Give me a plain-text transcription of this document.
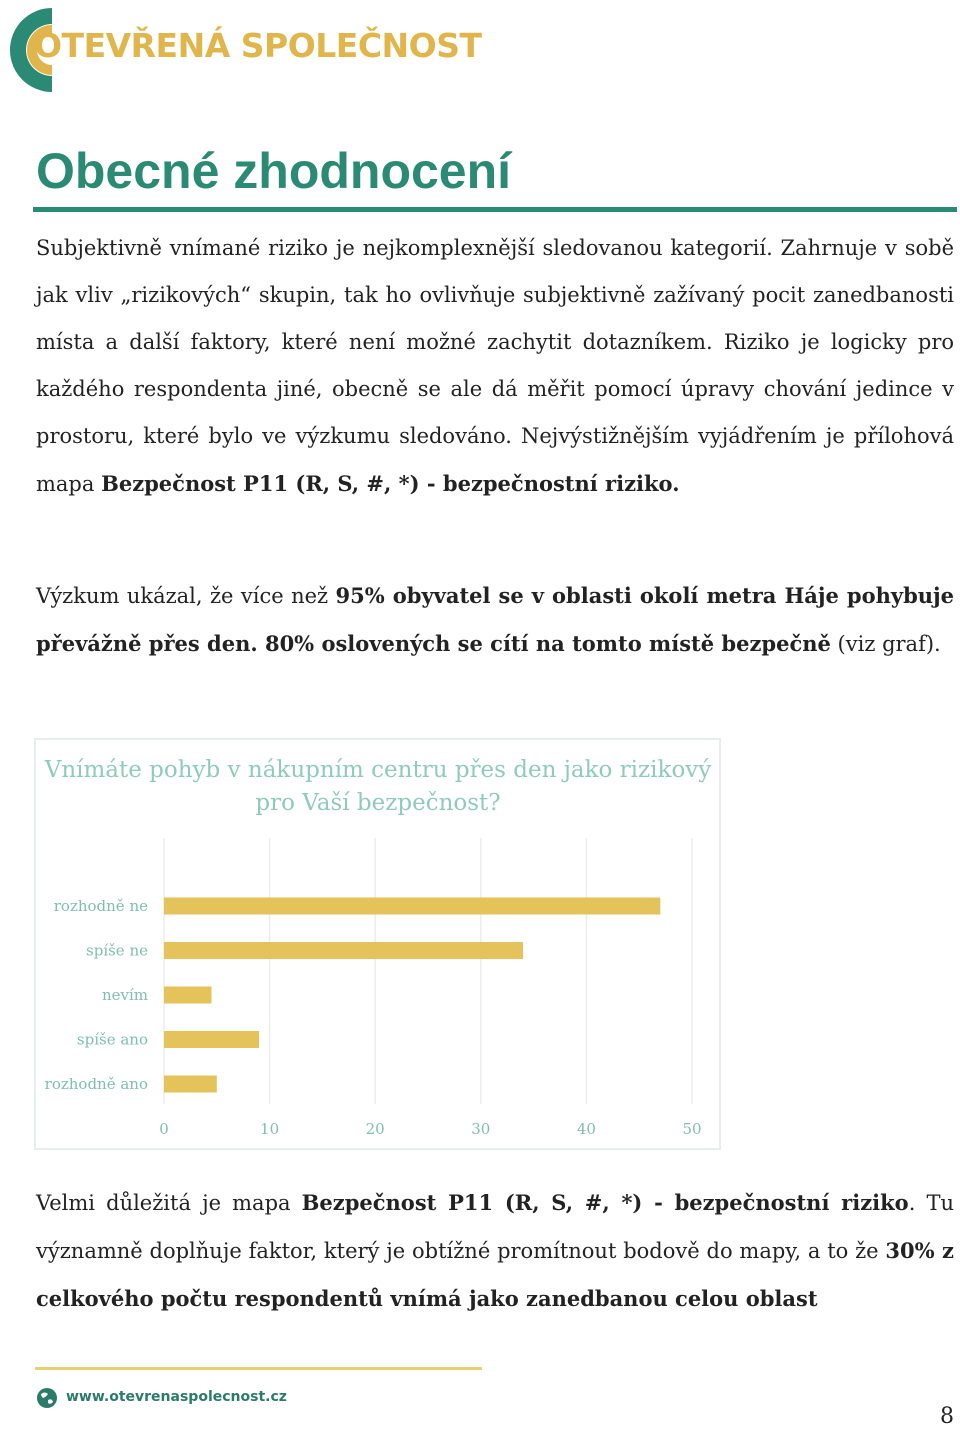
OTEVŘENÁ SPOLEČNOST
Obecné zhodnocení

Subjektivně vnímané riziko je nejkomplexnější sledovanou kategorií. Zahrnuje v sobě jak vliv „rizikových“ skupin, tak ho ovlivňuje subjektivně zažívaný pocit zanedbanosti místa a další faktory, které není možné zachytit dotazníkem. Riziko je logicky pro každého respondenta jiné, obecně se ale dá měřit pomocí úpravy chování jedince v prostoru, které bylo ve výzkumu sledováno. Nejvýstižnějším vyjádřením je přílohová mapa Bezpečnost P11 (R, S, #, *) - bezpečnostní riziko.

Výzkum ukázal, že více než 95% obyvatel se v oblasti okolí metra Háje pohybuje převážně přes den. 80% oslovených se cítí na tomto místě bezpečně (viz graf).

Vnímáte pohyb v nákupním centru přes den jako rizikový pro Vaší bezpečnost?
0	10	20	30	40	50
rozhodně ne
spíše ne
nevím
spíše ano
rozhodně ano

Velmi důležitá je mapa Bezpečnost P11 (R, S, #, *) - bezpečnostní riziko. Tu významně doplňuje faktor, který je obtížné promítnout bodově do mapy, a to že 30% z celkového počtu respondentů vnímá jako zanedbanou celou oblast

www.otevrenaspolecnost.cz
8
